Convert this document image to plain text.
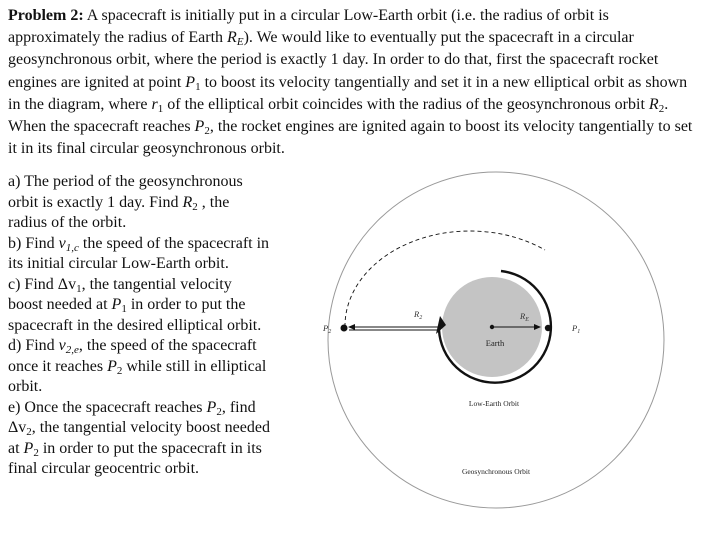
Problem 2: A spacecraft is initially put in a circular Low-Earth orbit (i.e. the radius of orbit is approximately the radius of Earth $R_E$). We would like to eventually put the spacecraft in a circular geosynchronous orbit, where the period is exactly 1 day. In order to do that, first the spacecraft rocket engines are ignited at point $P_1$ to boost its velocity tangentially and set it in a new elliptical orbit as shown in the diagram, where $r_1$ of the elliptical orbit coincides with the radius of the geosynchronous orbit $R_2$. When the spacecraft reaches $P_2$, the rocket engines are ignited again to boost its velocity tangentially to set it in its final circular geosynchronous orbit.

a) The period of the geosynchronous orbit is exactly 1 day. Find $R_2$ , the radius of the orbit.

b) Find $v_{1,c}$ the speed of the spacecraft in its initial circular Low-Earth orbit.

c) Find $\Delta v_1$, the tangential velocity boost needed at $P_1$ in order to put the spacecraft in the desired elliptical orbit.

d) Find $v_{2,e}$, the speed of the spacecraft once it reaches $P_2$ while still in elliptical orbit.

e) Once the spacecraft reaches $P_2$, find $\Delta v_2$, the tangential velocity boost needed at $P_2$ in order to put the spacecraft in its final circular geocentric orbit.

$R_2$	$R_E$
$P_2$	$P_1$
Earth
Low-Earth Orbit
Geosynchronous Orbit
